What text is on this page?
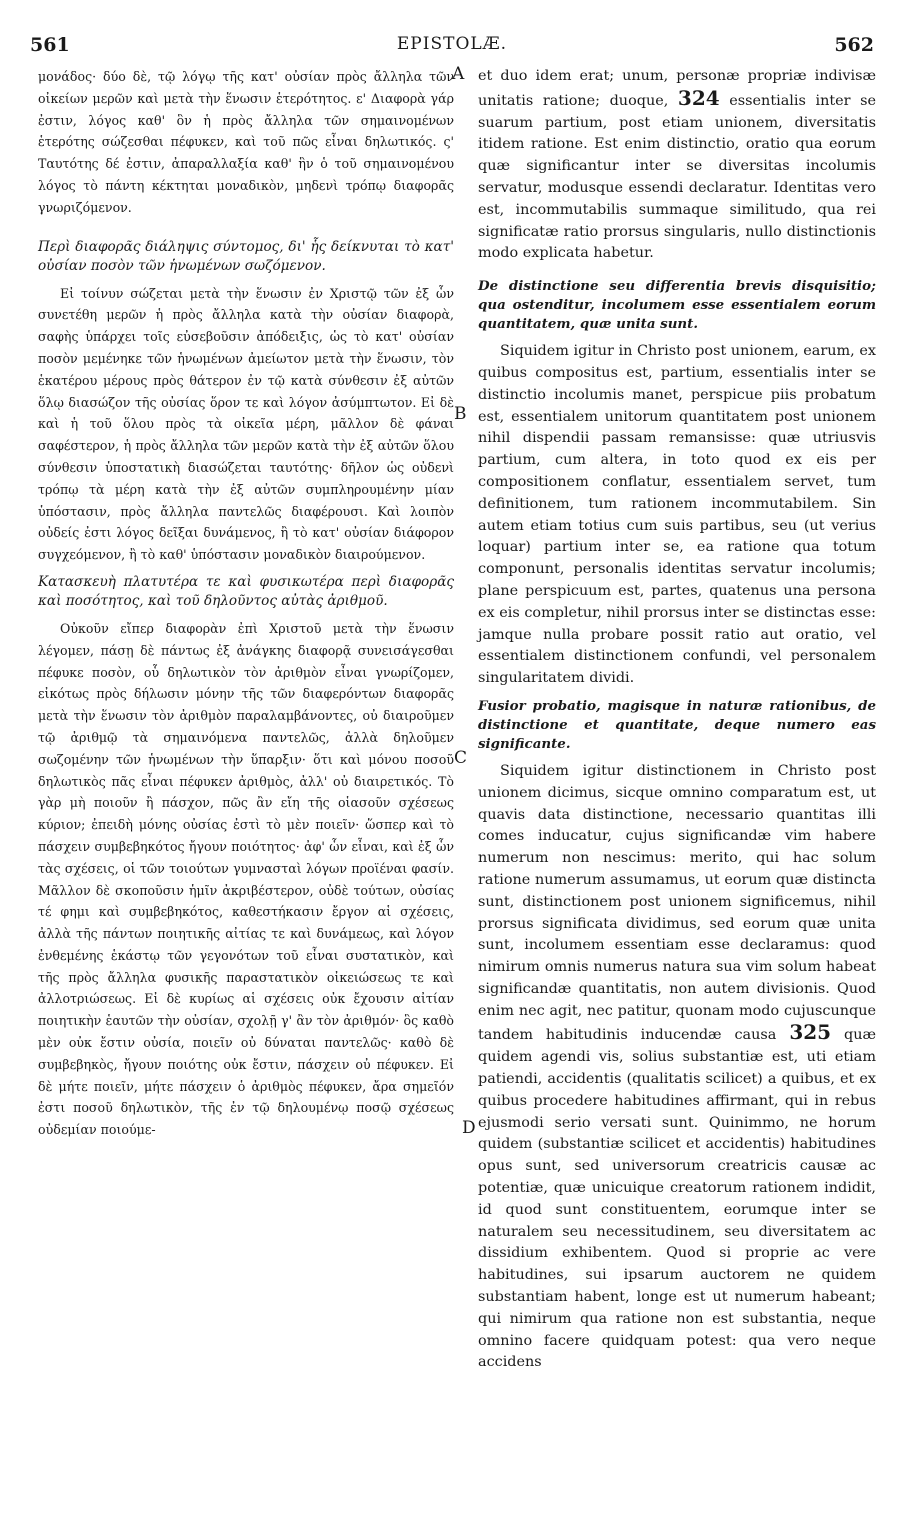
561	EPISTOLÆ.	562
A
B
C
D

μονάδος· δύο δὲ, τῷ λόγῳ τῆς κατ' οὐσίαν πρὸς ἄλληλα τῶν οἰκείων μερῶν καὶ μετὰ τὴν ἕνωσιν ἑτερότητος. ε' Διαφορὰ γάρ ἐστιν, λόγος καθ' ὃν ἡ πρὸς ἄλληλα τῶν σημαινομένων ἑτερότης σώζεσθαι πέφυκεν, καὶ τοῦ πῶς εἶναι δηλωτικός. ς' Ταυτότης δέ ἐστιν, ἀπαραλλαξία καθ' ἣν ὁ τοῦ σημαινομένου λόγος τὸ πάντη κέκτηται μοναδικὸν, μηδενὶ τρόπῳ διαφορᾶς γνωριζόμενον.

Περὶ διαφορᾶς διάληψις σύντομος, δι' ἧς δείκνυται τὸ κατ' οὐσίαν ποσὸν τῶν ἡνωμένων σωζόμενον.

Εἰ τοίνυν σώζεται μετὰ τὴν ἕνωσιν ἐν Χριστῷ τῶν ἐξ ὧν συνετέθη μερῶν ἡ πρὸς ἄλληλα κατὰ τὴν οὐσίαν διαφορὰ, σαφὴς ὑπάρχει τοῖς εὐσεβοῦσιν ἀπόδειξις, ὡς τὸ κατ' οὐσίαν ποσὸν μεμένηκε τῶν ἡνωμένων ἀμείωτον μετὰ τὴν ἕνωσιν, τὸν ἑκατέρου μέρους πρὸς θάτερον ἐν τῷ κατὰ σύνθεσιν ἐξ αὐτῶν ὅλῳ διασώζον τῆς οὐσίας ὅρον τε καὶ λόγον ἀσύμπτωτον. Εἰ δὲ καὶ ἡ τοῦ ὅλου πρὸς τὰ οἰκεῖα μέρη, μᾶλλον δὲ φάναι σαφέστερον, ἡ πρὸς ἄλληλα τῶν μερῶν κατὰ τὴν ἐξ αὐτῶν ὅλου σύνθεσιν ὑποστατικὴ διασώζεται ταυτότης· δῆλον ὡς οὐδενὶ τρόπῳ τὰ μέρη κατὰ τὴν ἐξ αὐτῶν συμπληρουμένην μίαν ὑπόστασιν, πρὸς ἄλληλα παντελῶς διαφέρουσι. Καὶ λοιπὸν οὐδείς ἐστι λόγος δεῖξαι δυνάμενος, ἢ τὸ κατ' οὐσίαν διάφορον συγχεόμενον, ἢ τὸ καθ' ὑπόστασιν μοναδικὸν διαιρούμενον.

Κατασκευὴ πλατυτέρα τε καὶ φυσικωτέρα περὶ διαφορᾶς καὶ ποσότητος, καὶ τοῦ δηλοῦντος αὐτὰς ἀριθμοῦ.

Οὐκοῦν εἴπερ διαφορὰν ἐπὶ Χριστοῦ μετὰ τὴν ἕνωσιν λέγομεν, πάσῃ δὲ πάντως ἐξ ἀνάγκης διαφορᾷ συνεισάγεσθαι πέφυκε ποσὸν, οὗ δηλωτικὸν τὸν ἀριθμὸν εἶναι γνωρίζομεν, εἰκότως πρὸς δήλωσιν μόνην τῆς τῶν διαφερόντων διαφορᾶς μετὰ τὴν ἕνωσιν τὸν ἀριθμὸν παραλαμβάνοντες, οὐ διαιροῦμεν τῷ ἀριθμῷ τὰ σημαινόμενα παντελῶς, ἀλλὰ δηλοῦμεν σωζομένην τῶν ἡνωμένων τὴν ὕπαρξιν· ὅτι καὶ μόνου ποσοῦ δηλωτικὸς πᾶς εἶναι πέφυκεν ἀριθμὸς, ἀλλ' οὐ διαιρετικός. Τὸ γὰρ μὴ ποιοῦν ἢ πάσχον, πῶς ἂν εἴη τῆς οἱασοῦν σχέσεως κύριον; ἐπειδὴ μόνης οὐσίας ἐστὶ τὸ μὲν ποιεῖν· ὥσπερ καὶ τὸ πάσχειν συμβεβηκότος ἤγουν ποιότητος· ἀφ' ὧν εἶναι, καὶ ἐξ ὧν τὰς σχέσεις, οἱ τῶν τοιούτων γυμνασταὶ λόγων προϊέναι φασίν. Μᾶλλον δὲ σκοποῦσιν ἡμῖν ἀκριβέστερον, οὐδὲ τούτων, οὐσίας τέ φημι καὶ συμβεβηκότος, καθεστήκασιν ἔργον αἱ σχέσεις, ἀλλὰ τῆς πάντων ποιητικῆς αἰτίας τε καὶ δυνάμεως, καὶ λόγον ἐνθεμένης ἑκάστῳ τῶν γεγονότων τοῦ εἶναι συστατικὸν, καὶ τῆς πρὸς ἄλληλα φυσικῆς παραστατικὸν οἰκειώσεως τε καὶ ἀλλοτριώσεως. Εἰ δὲ κυρίως αἱ σχέσεις οὐκ ἔχουσιν αἰτίαν ποιητικὴν ἑαυτῶν τὴν οὐσίαν, σχολῇ γ' ἂν τὸν ἀριθμόν· ὃς καθὸ μὲν οὐκ ἔστιν οὐσία, ποιεῖν οὐ δύναται παντελῶς· καθὸ δὲ συμβεβηκὸς, ἤγουν ποιότης οὐκ ἔστιν, πάσχειν οὐ πέφυκεν. Εἰ δὲ μήτε ποιεῖν, μήτε πάσχειν ὁ ἀριθμὸς πέφυκεν, ἄρα σημεῖόν ἐστι ποσοῦ δηλωτικὸν, τῆς ἐν τῷ δηλουμένῳ ποσῷ σχέσεως οὐδεμίαν ποιούμε-

et duo idem erat; unum, personæ propriæ indivisæ unitatis ratione; duoque, 324 essentialis inter se suarum partium, post etiam unionem, diversitatis itidem ratione. Est enim distinctio, oratio qua eorum quæ significantur inter se diversitas incolumis servatur, modusque essendi declaratur. Identitas vero est, incommutabilis summaque similitudo, qua rei significatæ ratio prorsus singularis, nullo distinctionis modo explicata habetur.

De distinctione seu differentia brevis disquisitio; qua ostenditur, incolumem esse essentialem eorum quantitatem, quæ unita sunt.

Siquidem igitur in Christo post unionem, earum, ex quibus compositus est, partium, essentialis inter se distinctio incolumis manet, perspicue piis probatum est, essentialem unitorum quantitatem post unionem nihil dispendii passam remansisse: quæ utriusvis partium, cum altera, in toto quod ex eis per compositionem conflatur, essentialem servet, tum definitionem, tum rationem incommutabilem. Sin autem etiam totius cum suis partibus, seu (ut verius loquar) partium inter se, ea ratione qua totum componunt, personalis identitas servatur incolumis; plane perspicuum est, partes, quatenus una persona ex eis completur, nihil prorsus inter se distinctas esse: jamque nulla probare possit ratio aut oratio, vel essentialem distinctionem confundi, vel personalem singularitatem dividi.

Fusior probatio, magisque in naturæ rationibus, de distinctione et quantitate, deque numero eas significante.

Siquidem igitur distinctionem in Christo post unionem dicimus, sicque omnino comparatum est, ut quavis data distinctione, necessario quantitas illi comes inducatur, cujus significandæ vim habere numerum non nescimus: merito, qui hac solum ratione numerum assumamus, ut eorum quæ distincta sunt, distinctionem post unionem significemus, nihil prorsus significata dividimus, sed eorum quæ unita sunt, incolumem essentiam esse declaramus: quod nimirum omnis numerus natura sua vim solum habeat significandæ quantitatis, non autem divisionis. Quod enim nec agit, nec patitur, quonam modo cujuscunque tandem habitudinis inducendæ causa 325 quæ quidem agendi vis, solius substantiæ est, uti etiam patiendi, accidentis (qualitatis scilicet) a quibus, et ex quibus procedere habitudines affirmant, qui in rebus ejusmodi serio versati sunt. Quinimmo, ne horum quidem (substantiæ scilicet et accidentis) habitudines opus sunt, sed universorum creatricis causæ ac potentiæ, quæ unicuique creatorum rationem indidit, id quod sunt constituentem, eorumque inter se naturalem seu necessitudinem, seu diversitatem ac dissidium exhibentem. Quod si proprie ac vere habitudines, sui ipsarum auctorem ne quidem substantiam habent, longe est ut numerum habeant; qui nimirum qua ratione non est substantia, neque omnino facere quidquam potest: qua vero neque accidens
